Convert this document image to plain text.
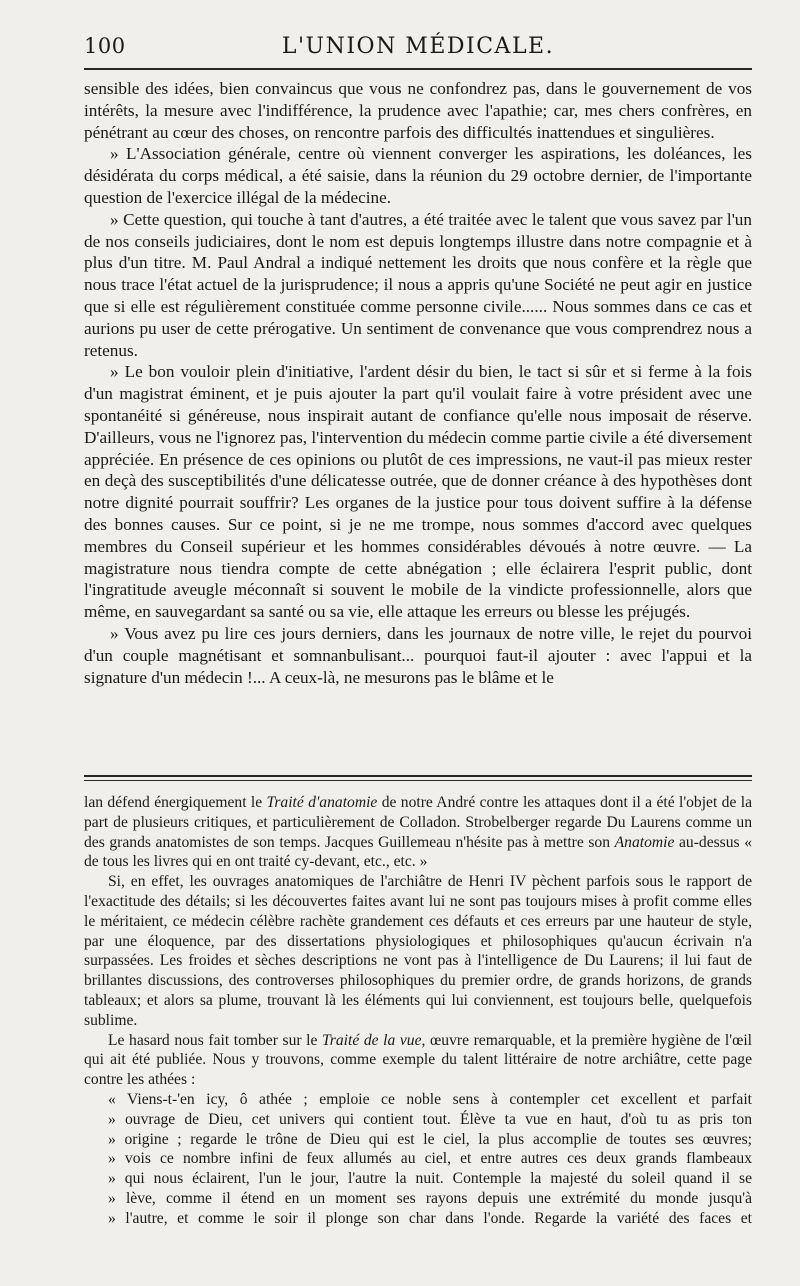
100	L'UNION MÉDICALE.

sensible des idées, bien convaincus que vous ne confondrez pas, dans le gouvernement de vos intérêts, la mesure avec l'indifférence, la prudence avec l'apathie; car, mes chers confrères, en pénétrant au cœur des choses, on rencontre parfois des difficultés inattendues et singulières.

» L'Association générale, centre où viennent converger les aspirations, les doléances, les désidérata du corps médical, a été saisie, dans la réunion du 29 octobre dernier, de l'importante question de l'exercice illégal de la médecine.

» Cette question, qui touche à tant d'autres, a été traitée avec le talent que vous savez par l'un de nos conseils judiciaires, dont le nom est depuis longtemps illustre dans notre compagnie et à plus d'un titre. M. Paul Andral a indiqué nettement les droits que nous confère et la règle que nous trace l'état actuel de la jurisprudence; il nous a appris qu'une Société ne peut agir en justice que si elle est régulièrement constituée comme personne civile...... Nous sommes dans ce cas et aurions pu user de cette prérogative. Un sentiment de convenance que vous comprendrez nous a retenus.

» Le bon vouloir plein d'initiative, l'ardent désir du bien, le tact si sûr et si ferme à la fois d'un magistrat éminent, et je puis ajouter la part qu'il voulait faire à votre président avec une spontanéité si généreuse, nous inspirait autant de confiance qu'elle nous imposait de réserve. D'ailleurs, vous ne l'ignorez pas, l'intervention du médecin comme partie civile a été diversement appréciée. En présence de ces opinions ou plutôt de ces impressions, ne vaut-il pas mieux rester en deçà des susceptibilités d'une délicatesse outrée, que de donner créance à des hypothèses dont notre dignité pourrait souffrir? Les organes de la justice pour tous doivent suffire à la défense des bonnes causes. Sur ce point, si je ne me trompe, nous sommes d'accord avec quelques membres du Conseil supérieur et les hommes considérables dévoués à notre œuvre. — La magistrature nous tiendra compte de cette abnégation ; elle éclairera l'esprit public, dont l'ingratitude aveugle méconnaît si souvent le mobile de la vindicte professionnelle, alors que même, en sauvegardant sa santé ou sa vie, elle attaque les erreurs ou blesse les préjugés.

» Vous avez pu lire ces jours derniers, dans les journaux de notre ville, le rejet du pourvoi d'un couple magnétisant et somnanbulisant... pourquoi faut-il ajouter : avec l'appui et la signature d'un médecin !... A ceux-là, ne mesurons pas le blâme et le

lan défend énergiquement le Traité d'anatomie de notre André contre les attaques dont il a été l'objet de la part de plusieurs critiques, et particulièrement de Colladon. Strobelberger regarde Du Laurens comme un des grands anatomistes de son temps. Jacques Guillemeau n'hésite pas à mettre son Anatomie au-dessus « de tous les livres qui en ont traité cy-devant, etc., etc. »

Si, en effet, les ouvrages anatomiques de l'archiâtre de Henri IV pèchent parfois sous le rapport de l'exactitude des détails; si les découvertes faites avant lui ne sont pas toujours mises à profit comme elles le méritaient, ce médecin célèbre rachète grandement ces défauts et ces erreurs par une hauteur de style, par une éloquence, par des dissertations physiologiques et philosophiques qu'aucun écrivain n'a surpassées. Les froides et sèches descriptions ne vont pas à l'intelligence de Du Laurens; il lui faut de brillantes discussions, des controverses philosophiques du premier ordre, de grands horizons, de grands tableaux; et alors sa plume, trouvant là les éléments qui lui conviennent, est toujours belle, quelquefois sublime.

Le hasard nous fait tomber sur le Traité de la vue, œuvre remarquable, et la première hygiène de l'œil qui ait été publiée. Nous y trouvons, comme exemple du talent littéraire de notre archiâtre, cette page contre les athées :

« Viens-t-'en icy, ô athée ; emploie ce noble sens à contempler cet excellent et parfait
» ouvrage de Dieu, cet univers qui contient tout. Élève ta vue en haut, d'où tu as pris ton
» origine ; regarde le trône de Dieu qui est le ciel, la plus accomplie de toutes ses œuvres;
» vois ce nombre infini de feux allumés au ciel, et entre autres ces deux grands flambeaux
» qui nous éclairent, l'un le jour, l'autre la nuit. Contemple la majesté du soleil quand il se
» lève, comme il étend en un moment ses rayons depuis une extrémité du monde jusqu'à
» l'autre, et comme le soir il plonge son char dans l'onde. Regarde la variété des faces et
